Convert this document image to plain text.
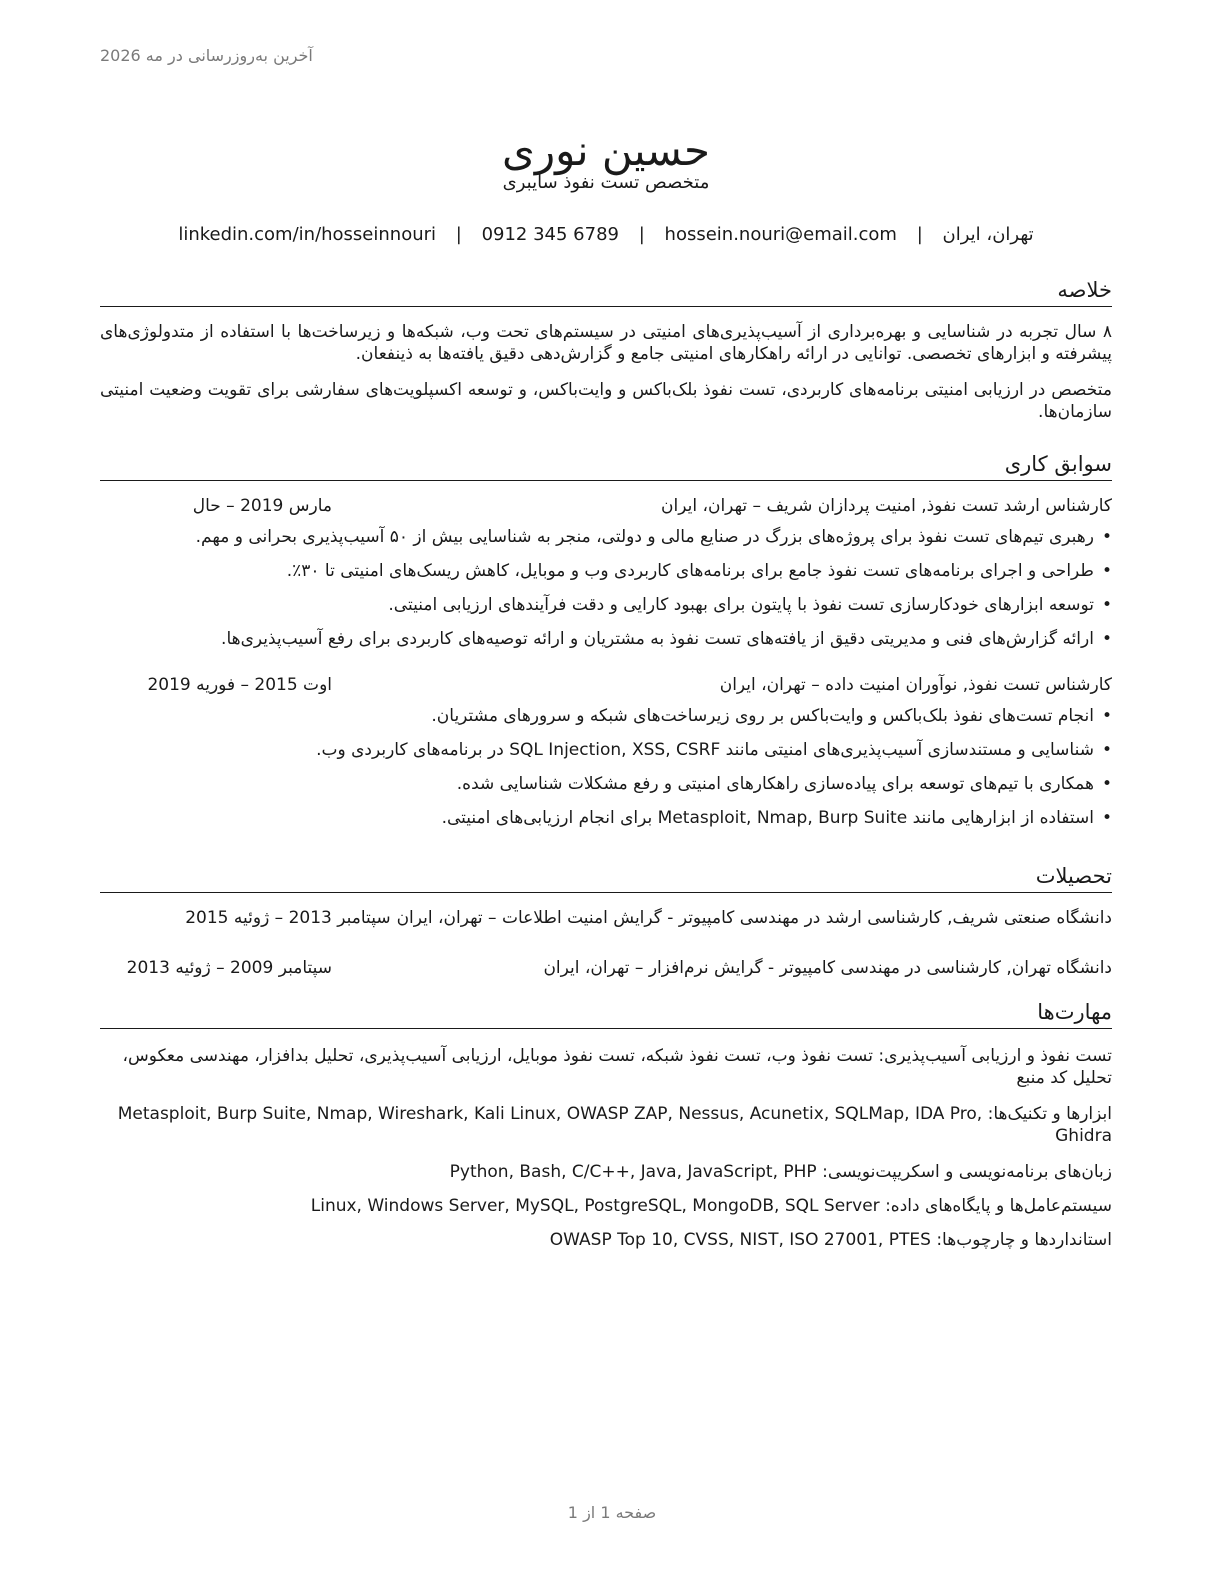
آخرین به‌روزرسانی در مه 2026
حسین نوری
متخصص تست نفوذ سایبری
تهران، ایران | hossein.nouri@email.com | 0912 345 6789 | linkedin.com/in/hosseinnouri
خلاصه

۸ سال تجربه در شناسایی و بهره‌برداری از آسیب‌پذیری‌های امنیتی در سیستم‌های تحت وب، شبکه‌ها و زیرساخت‌ها با استفاده از متدولوژی‌های پیشرفته و ابزارهای تخصصی. توانایی در ارائه راهکارهای امنیتی جامع و گزارش‌دهی دقیق یافته‌ها به ذینفعان.

متخصص در ارزیابی امنیتی برنامه‌های کاربردی، تست نفوذ بلک‌باکس و وایت‌باکس، و توسعه اکسپلویت‌های سفارشی برای تقویت وضعیت امنیتی سازمان‌ها.

سوابق کاری
کارشناس ارشد تست نفوذ, امنیت پردازان شریف – تهران، ایران
مارس 2019 – حال
• رهبری تیم‌های تست نفوذ برای پروژه‌های بزرگ در صنایع مالی و دولتی، منجر به شناسایی بیش از ۵۰ آسیب‌پذیری بحرانی و مهم.
• طراحی و اجرای برنامه‌های تست نفوذ جامع برای برنامه‌های کاربردی وب و موبایل، کاهش ریسک‌های امنیتی تا ۳۰٪.
• توسعه ابزارهای خودکارسازی تست نفوذ با پایتون برای بهبود کارایی و دقت فرآیندهای ارزیابی امنیتی.
• ارائه گزارش‌های فنی و مدیریتی دقیق از یافته‌های تست نفوذ به مشتریان و ارائه توصیه‌های کاربردی برای رفع آسیب‌پذیری‌ها.
کارشناس تست نفوذ, نوآوران امنیت داده – تهران، ایران
اوت 2015 – فوریه 2019
• انجام تست‌های نفوذ بلک‌باکس و وایت‌باکس بر روی زیرساخت‌های شبکه و سرورهای مشتریان.
• شناسایی و مستندسازی آسیب‌پذیری‌های امنیتی مانند SQL Injection, XSS, CSRF در برنامه‌های کاربردی وب.
• همکاری با تیم‌های توسعه برای پیاده‌سازی راهکارهای امنیتی و رفع مشکلات شناسایی شده.
• استفاده از ابزارهایی مانند Metasploit, Nmap, Burp Suite برای انجام ارزیابی‌های امنیتی.
تحصیلات
دانشگاه صنعتی شریف, کارشناسی ارشد در مهندسی کامپیوتر - گرایش امنیت اطلاعات – تهران، ایران
سپتامبر 2013 – ژوئیه 2015
دانشگاه تهران, کارشناسی در مهندسی کامپیوتر - گرایش نرم‌افزار – تهران، ایران
سپتامبر 2009 – ژوئیه 2013
مهارت‌ها

تست نفوذ و ارزیابی آسیب‌پذیری: تست نفوذ وب، تست نفوذ شبکه، تست نفوذ موبایل، ارزیابی آسیب‌پذیری، تحلیل بدافزار، مهندسی معکوس، تحلیل کد منبع

ابزارها و تکنیک‌ها: Metasploit, Burp Suite, Nmap, Wireshark, Kali Linux, OWASP ZAP, Nessus, Acunetix, SQLMap, IDA Pro, Ghidra

زبان‌های برنامه‌نویسی و اسکریپت‌نویسی: Python, Bash, C/C++, Java, JavaScript, PHP

سیستم‌عامل‌ها و پایگاه‌های داده: Linux, Windows Server, MySQL, PostgreSQL, MongoDB, SQL Server

استانداردها و چارچوب‌ها: OWASP Top 10, CVSS, NIST, ISO 27001, PTES

صفحه 1 از 1
